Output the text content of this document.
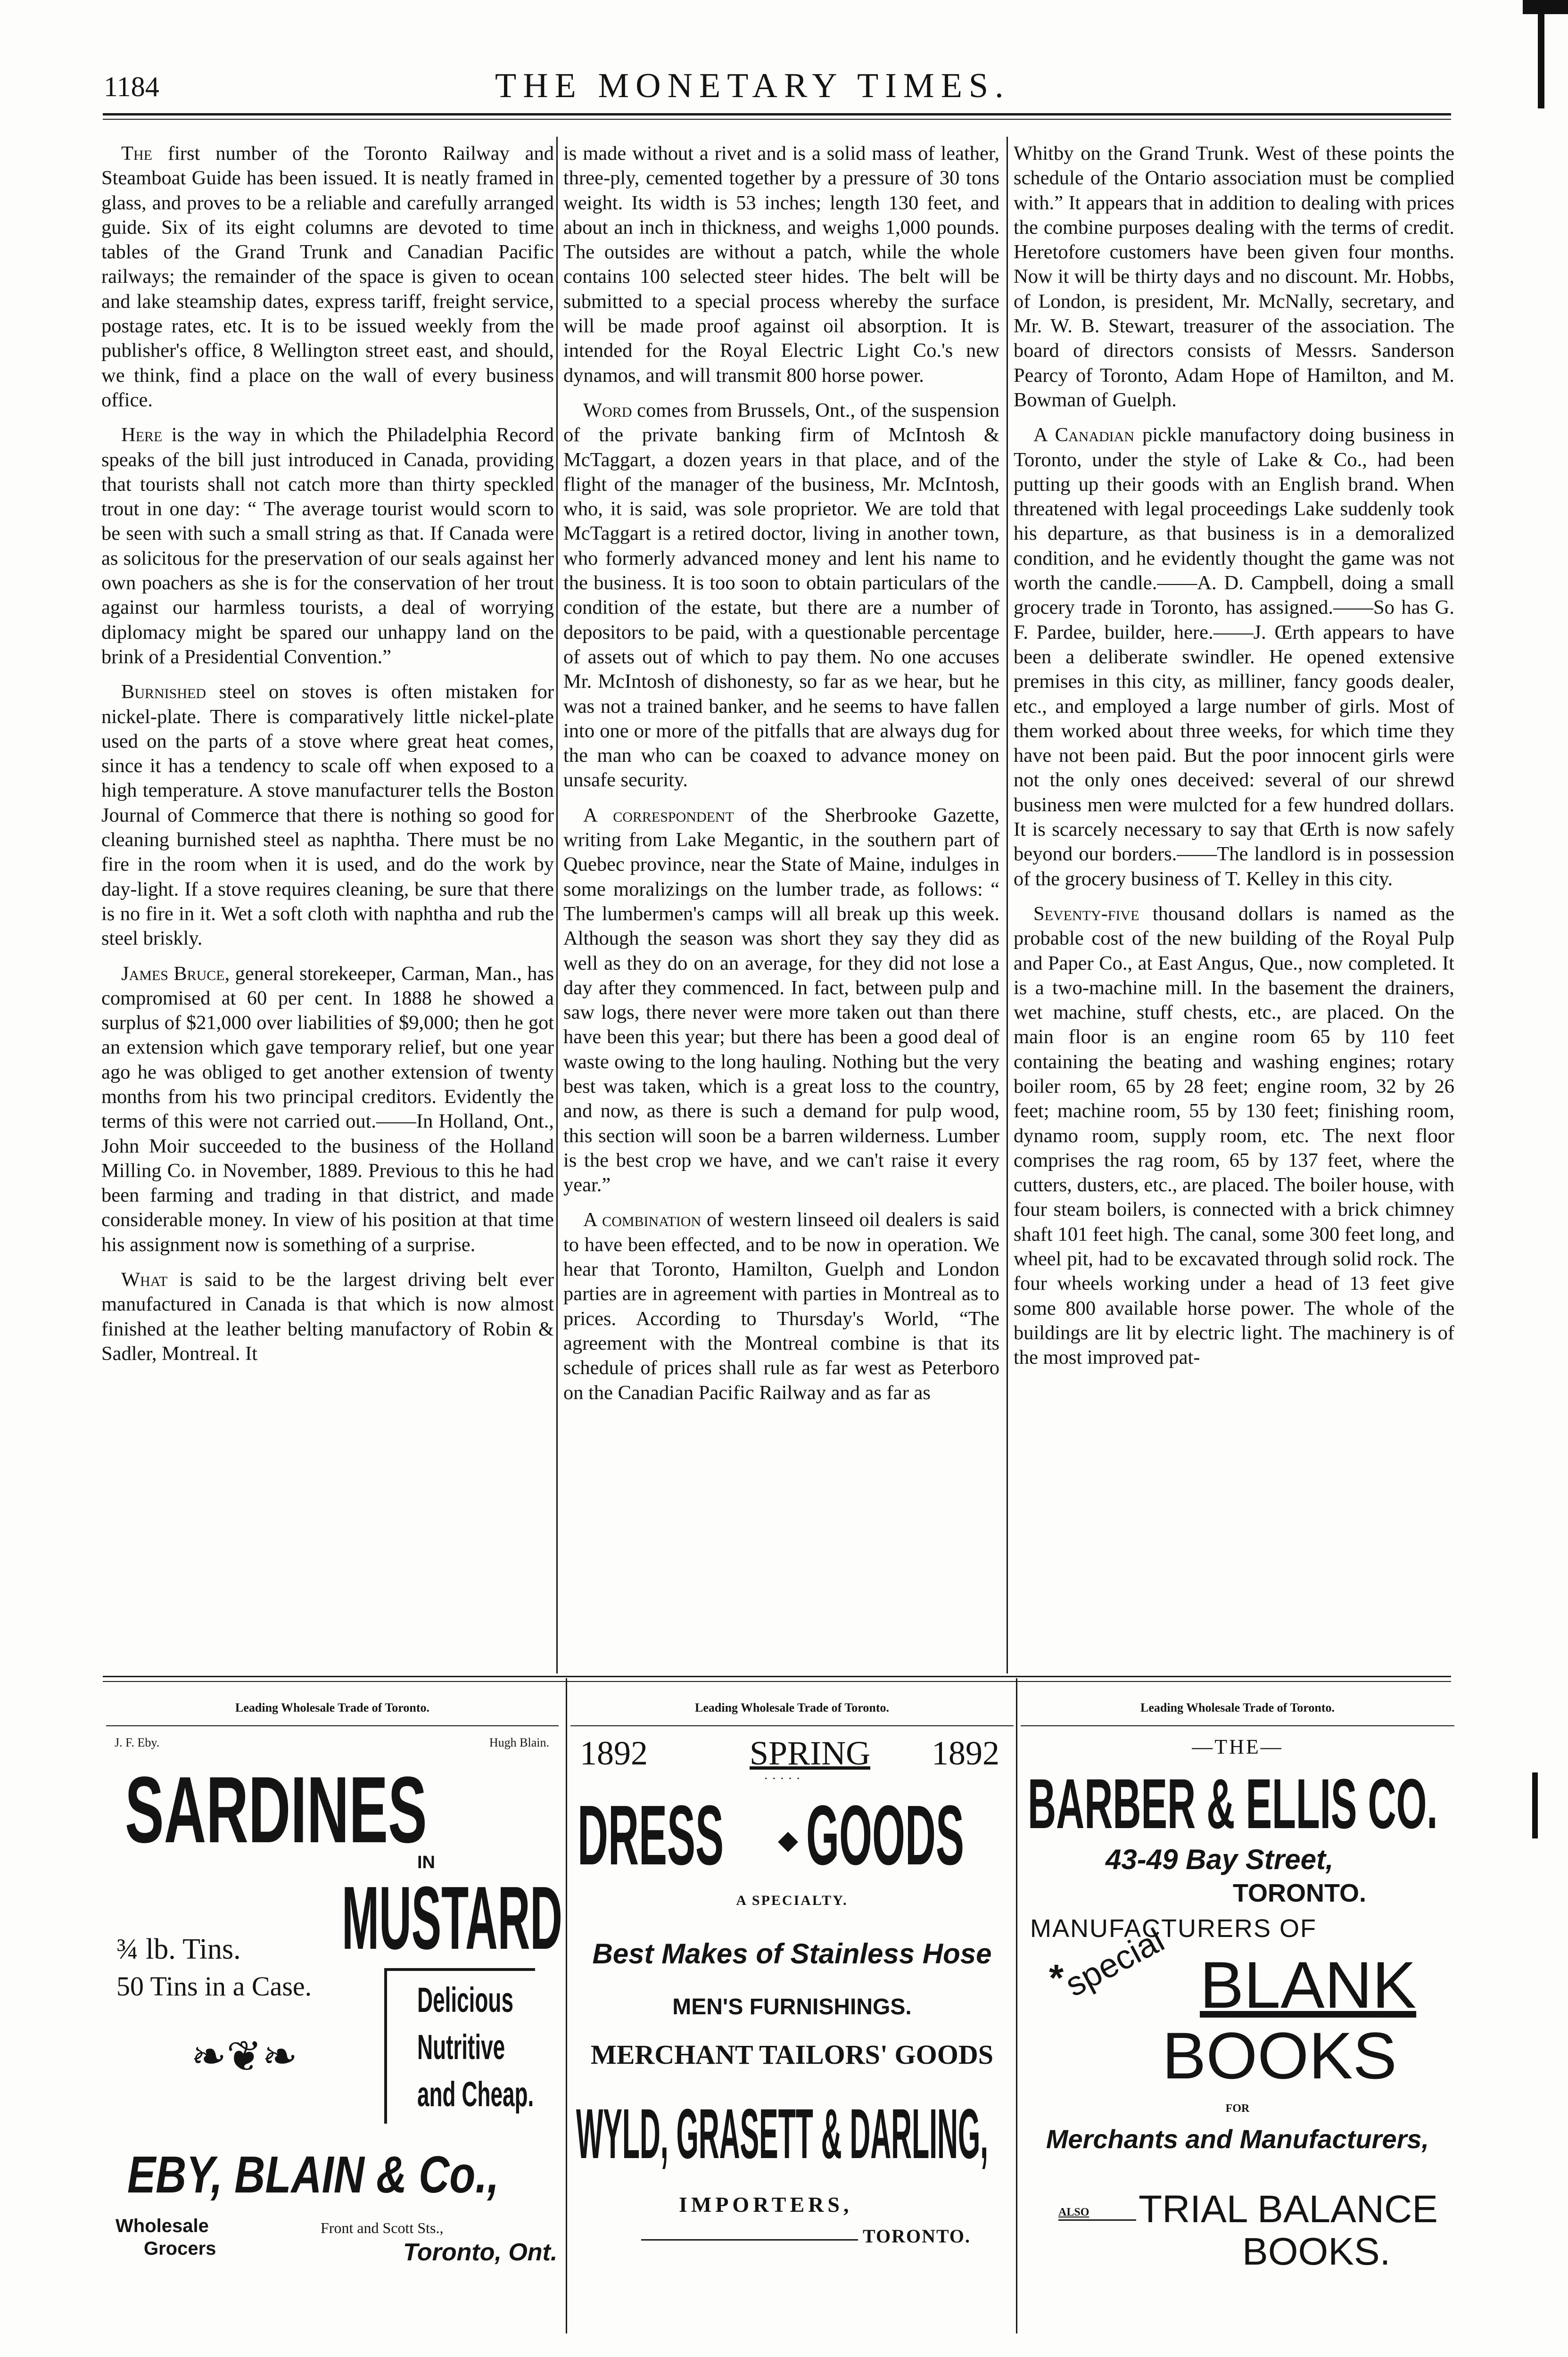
1184	THE MONETARY TIMES.

The first number of the Toronto Railway and Steamboat Guide has been issued. It is neatly framed in glass, and proves to be a reliable and carefully arranged guide. Six of its eight columns are devoted to time tables of the Grand Trunk and Canadian Pacific railways; the remainder of the space is given to ocean and lake steamship dates, express tariff, freight service, postage rates, etc. It is to be issued weekly from the publisher's office, 8 Wellington street east, and should, we think, find a place on the wall of every business office.

Here is the way in which the Philadelphia Record speaks of the bill just introduced in Canada, providing that tourists shall not catch more than thirty speckled trout in one day: “ The average tourist would scorn to be seen with such a small string as that. If Canada were as solicitous for the preservation of our seals against her own poachers as she is for the conservation of her trout against our harmless tourists, a deal of worrying diplomacy might be spared our unhappy land on the brink of a Presidential Convention.”

Burnished steel on stoves is often mistaken for nickel-plate. There is comparatively little nickel-plate used on the parts of a stove where great heat comes, since it has a tendency to scale off when exposed to a high temperature. A stove manufacturer tells the Boston Journal of Commerce that there is nothing so good for cleaning burnished steel as naphtha. There must be no fire in the room when it is used, and do the work by day-light. If a stove requires cleaning, be sure that there is no fire in it. Wet a soft cloth with naphtha and rub the steel briskly.

James Bruce, general storekeeper, Carman, Man., has compromised at 60 per cent. In 1888 he showed a surplus of $21,000 over liabilities of $9,000; then he got an extension which gave temporary relief, but one year ago he was obliged to get another extension of twenty months from his two principal creditors. Evidently the terms of this were not carried out.——In Holland, Ont., John Moir succeeded to the business of the Holland Milling Co. in November, 1889. Previous to this he had been farming and trading in that district, and made considerable money. In view of his position at that time his assignment now is something of a surprise.

What is said to be the largest driving belt ever manufactured in Canada is that which is now almost finished at the leather belting manufactory of Robin & Sadler, Montreal. It

is made without a rivet and is a solid mass of leather, three-ply, cemented together by a pressure of 30 tons weight. Its width is 53 inches; length 130 feet, and about an inch in thickness, and weighs 1,000 pounds. The outsides are without a patch, while the whole contains 100 selected steer hides. The belt will be submitted to a special process whereby the surface will be made proof against oil absorption. It is intended for the Royal Electric Light Co.'s new dynamos, and will transmit 800 horse power.

Word comes from Brussels, Ont., of the suspension of the private banking firm of McIntosh & McTaggart, a dozen years in that place, and of the flight of the manager of the business, Mr. McIntosh, who, it is said, was sole proprietor. We are told that McTaggart is a retired doctor, living in another town, who formerly advanced money and lent his name to the business. It is too soon to obtain particulars of the condition of the estate, but there are a number of depositors to be paid, with a questionable percentage of assets out of which to pay them. No one accuses Mr. McIntosh of dishonesty, so far as we hear, but he was not a trained banker, and he seems to have fallen into one or more of the pitfalls that are always dug for the man who can be coaxed to advance money on unsafe security.

A correspondent of the Sherbrooke Gazette, writing from Lake Megantic, in the southern part of Quebec province, near the State of Maine, indulges in some moralizings on the lumber trade, as follows: “ The lumbermen's camps will all break up this week. Although the season was short they say they did as well as they do on an average, for they did not lose a day after they commenced. In fact, between pulp and saw logs, there never were more taken out than there have been this year; but there has been a good deal of waste owing to the long hauling. Nothing but the very best was taken, which is a great loss to the country, and now, as there is such a demand for pulp wood, this section will soon be a barren wilderness. Lumber is the best crop we have, and we can't raise it every year.”

A combination of western linseed oil dealers is said to have been effected, and to be now in operation. We hear that Toronto, Hamilton, Guelph and London parties are in agreement with parties in Montreal as to prices. According to Thursday's World, “The agreement with the Montreal combine is that its schedule of prices shall rule as far west as Peterboro on the Canadian Pacific Railway and as far as

Whitby on the Grand Trunk. West of these points the schedule of the Ontario association must be complied with.” It appears that in addition to dealing with prices the combine purposes dealing with the terms of credit. Heretofore customers have been given four months. Now it will be thirty days and no discount. Mr. Hobbs, of London, is president, Mr. McNally, secretary, and Mr. W. B. Stewart, treasurer of the association. The board of directors consists of Messrs. Sanderson Pearcy of Toronto, Adam Hope of Hamilton, and M. Bowman of Guelph.

A Canadian pickle manufactory doing business in Toronto, under the style of Lake & Co., had been putting up their goods with an English brand. When threatened with legal proceedings Lake suddenly took his departure, as that business is in a demoralized condition, and he evidently thought the game was not worth the candle.——A. D. Campbell, doing a small grocery trade in Toronto, has assigned.——So has G. F. Pardee, builder, here.——J. Œrth appears to have been a deliberate swindler. He opened extensive premises in this city, as milliner, fancy goods dealer, etc., and employed a large number of girls. Most of them worked about three weeks, for which time they have not been paid. But the poor innocent girls were not the only ones deceived: several of our shrewd business men were mulcted for a few hundred dollars. It is scarcely necessary to say that Œrth is now safely beyond our borders.——The landlord is in possession of the grocery business of T. Kelley in this city.

Seventy-five thousand dollars is named as the probable cost of the new building of the Royal Pulp and Paper Co., at East Angus, Que., now completed. It is a two-machine mill. In the basement the drainers, wet machine, stuff chests, etc., are placed. On the main floor is an engine room 65 by 110 feet containing the beating and washing engines; rotary boiler room, 65 by 28 feet; engine room, 32 by 26 feet; machine room, 55 by 130 feet; finishing room, dynamo room, supply room, etc. The next floor comprises the rag room, 65 by 137 feet, where the cutters, dusters, etc., are placed. The boiler house, with four steam boilers, is connected with a brick chimney shaft 101 feet high. The canal, some 300 feet long, and wheel pit, had to be excavated through solid rock. The four wheels working under a head of 13 feet give some 800 available horse power. The whole of the buildings are lit by electric light. The machinery is of the most improved pat-

Leading Wholesale Trade of Toronto.
J. F. Eby.	Hugh Blain.
SARDINES
IN
MUSTARD
¾ lb. Tins.
50 Tins in a Case.	Delicious
Nutritive
and Cheap.
❧❦❧
EBY, BLAIN & Co.,
Wholesale
Grocers
Front and Scott Sts.,
Toronto, Ont.
Leading Wholesale Trade of Toronto.
1892	SPRING 1892
· · · · ·
DRESS	◆ GOODS
A SPECIALTY.
Best Makes of Stainless Hose
MEN'S FURNISHINGS.
MERCHANT TAILORS' GOODS
WYLD, GRASETT & DARLING,
IMPORTERS,
TORONTO.
Leading Wholesale Trade of Toronto.
—THE—
BARBER & ELLIS CO.
43-49 Bay Street,
TORONTO.
MANUFACTURERS OF
*
special BLANK
BOOKS
FOR
Merchants and Manufacturers,
ALSO TRIAL BALANCE
BOOKS.
